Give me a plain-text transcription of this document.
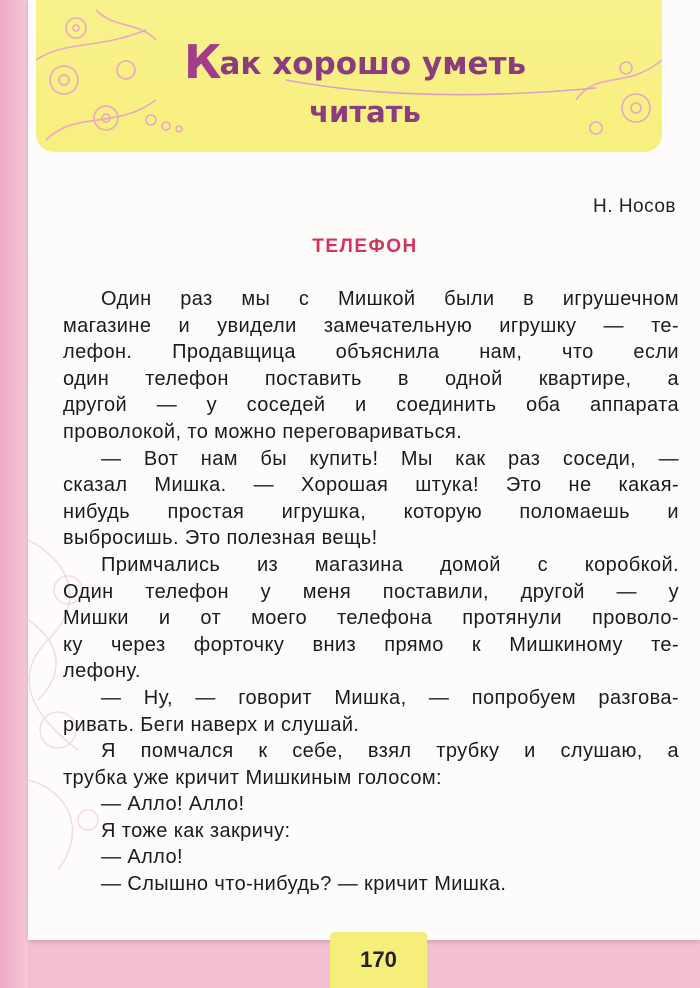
Как хорошо уметь
читать
Н. Носов
ТЕЛЕФОН
Один раз мы с Мишкой были в игрушечном
магазине и увидели замечательную игрушку — те-
лефон. Продавщица объяснила нам, что если
один телефон поставить в одной квартире, а
другой — у соседей и соединить оба аппарата
проволокой, то можно переговариваться.
— Вот нам бы купить! Мы как раз соседи, —
сказал Мишка. — Хорошая штука! Это не какая-
нибудь простая игрушка, которую поломаешь и
выбросишь. Это полезная вещь!
Примчались из магазина домой с коробкой.
Один телефон у меня поставили, другой — у
Мишки и от моего телефона протянули проволо-
ку через форточку вниз прямо к Мишкиному те-
лефону.
— Ну, — говорит Мишка, — попробуем разгова-
ривать. Беги наверх и слушай.
Я помчался к себе, взял трубку и слушаю, а
трубка уже кричит Мишкиным голосом:
— Алло! Алло!
Я тоже как закричу:
— Алло!
— Слышно что-нибудь? — кричит Мишка.
170
